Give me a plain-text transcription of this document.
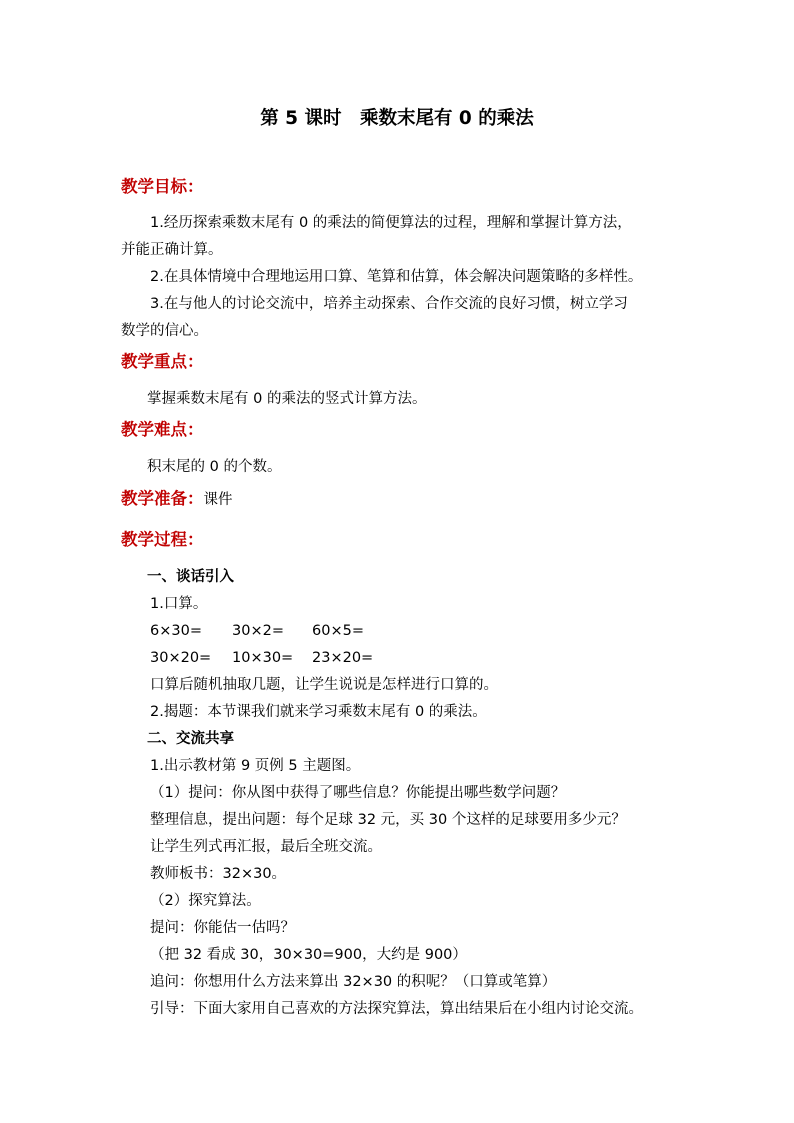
第 5 课时　乘数末尾有 0 的乘法
教学目标：
1.经历探索乘数末尾有 0 的乘法的简便算法的过程，理解和掌握计算方法，
并能正确计算。
2.在具体情境中合理地运用口算、笔算和估算，体会解决问题策略的多样性。
3.在与他人的讨论交流中，培养主动探索、合作交流的良好习惯，树立学习
数学的信心。
教学重点：
掌握乘数末尾有 0 的乘法的竖式计算方法。
教学难点：
积末尾的 0 的个数。
教学准备：课件
教学过程：
一、谈话引入
1.口算。
6×30= 30×2= 60×5=
30×20= 10×30= 23×20=
口算后随机抽取几题，让学生说说是怎样进行口算的。
2.揭题：本节课我们就来学习乘数末尾有 0 的乘法。
二、交流共享
1.出示教材第 9 页例 5 主题图。
（1）提问：你从图中获得了哪些信息？你能提出哪些数学问题？
整理信息，提出问题：每个足球 32 元，买 30 个这样的足球要用多少元？
让学生列式再汇报，最后全班交流。
教师板书：32×30。
（2）探究算法。
提问：你能估一估吗？
（把 32 看成 30，30×30=900，大约是 900）
追问：你想用什么方法来算出 32×30 的积呢？（口算或笔算）
引导：下面大家用自己喜欢的方法探究算法，算出结果后在小组内讨论交流。
